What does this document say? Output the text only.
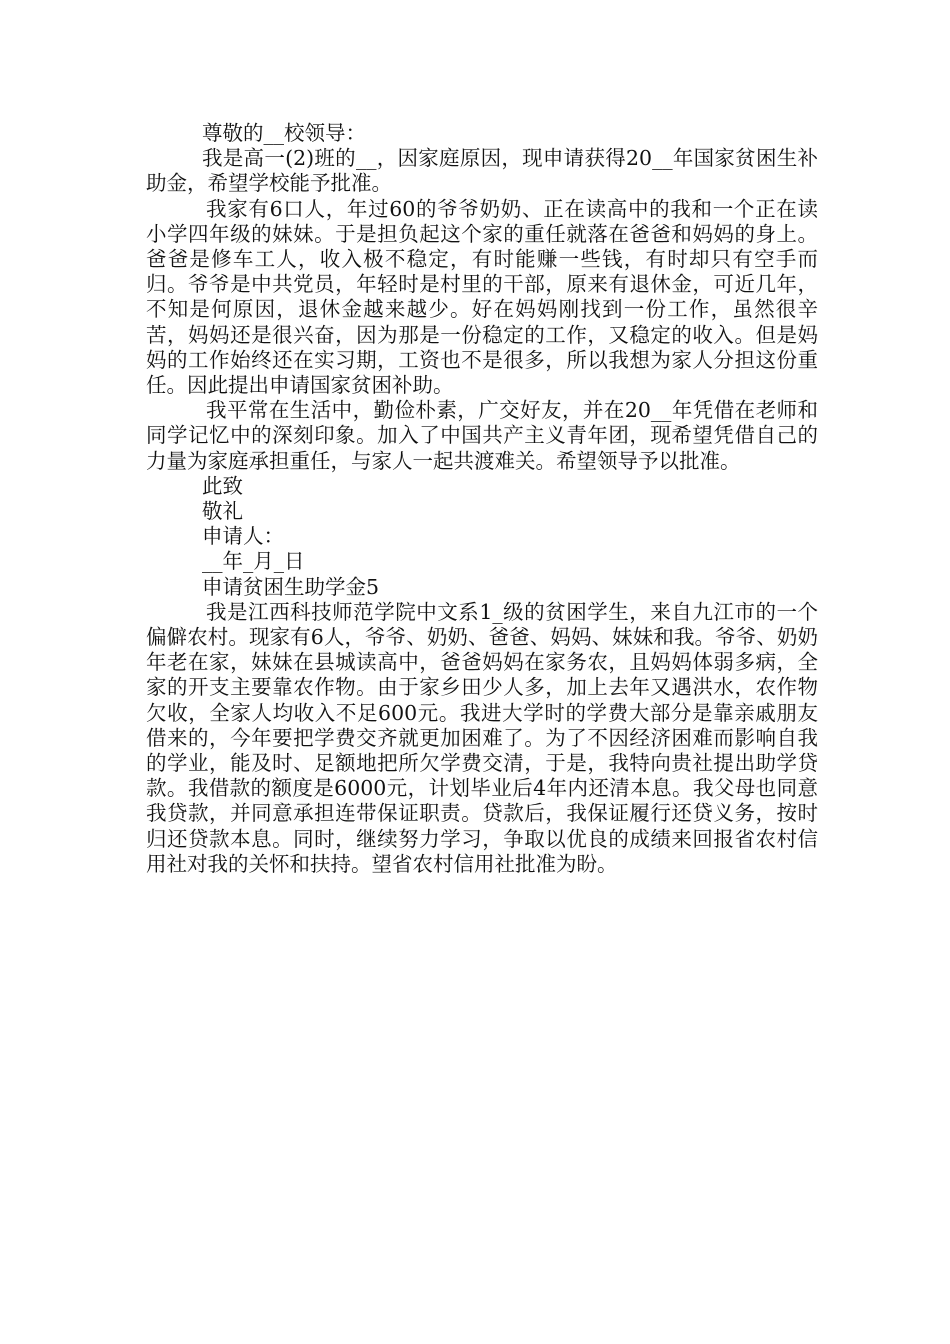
尊敬的__校领导：

我是高一(2)班的__，因家庭原因，现申请获得20__年国家贫困生补助金，希望学校能予批准。

我家有6口人，年过60的爷爷奶奶、正在读高中的我和一个正在读小学四年级的妹妹。于是担负起这个家的重任就落在爸爸和妈妈的身上。爸爸是修车工人，收入极不稳定，有时能赚一些钱，有时却只有空手而归。爷爷是中共党员，年轻时是村里的干部，原来有退休金，可近几年，不知是何原因，退休金越来越少。好在妈妈刚找到一份工作，虽然很辛苦，妈妈还是很兴奋，因为那是一份稳定的工作，又稳定的收入。但是妈妈的工作始终还在实习期，工资也不是很多，所以我想为家人分担这份重任。因此提出申请国家贫困补助。

我平常在生活中，勤俭朴素，广交好友，并在20__年凭借在老师和同学记忆中的深刻印象。加入了中国共产主义青年团，现希望凭借自己的力量为家庭承担重任，与家人一起共渡难关。希望领导予以批准。

此致

敬礼

申请人：

__年_月_日

申请贫困生助学金5

我是江西科技师范学院中文系1_级的贫困学生，来自九江市的一个偏僻农村。现家有6人，爷爷、奶奶、爸爸、妈妈、妹妹和我。爷爷、奶奶年老在家，妹妹在县城读高中，爸爸妈妈在家务农，且妈妈体弱多病，全家的开支主要靠农作物。由于家乡田少人多，加上去年又遇洪水，农作物欠收，全家人均收入不足600元。我进大学时的学费大部分是靠亲戚朋友借来的，今年要把学费交齐就更加困难了。为了不因经济困难而影响自我的学业，能及时、足额地把所欠学费交清，于是，我特向贵社提出助学贷款。我借款的额度是6000元，计划毕业后4年内还清本息。我父母也同意我贷款，并同意承担连带保证职责。贷款后，我保证履行还贷义务，按时归还贷款本息。同时，继续努力学习，争取以优良的成绩来回报省农村信用社对我的关怀和扶持。望省农村信用社批准为盼。
